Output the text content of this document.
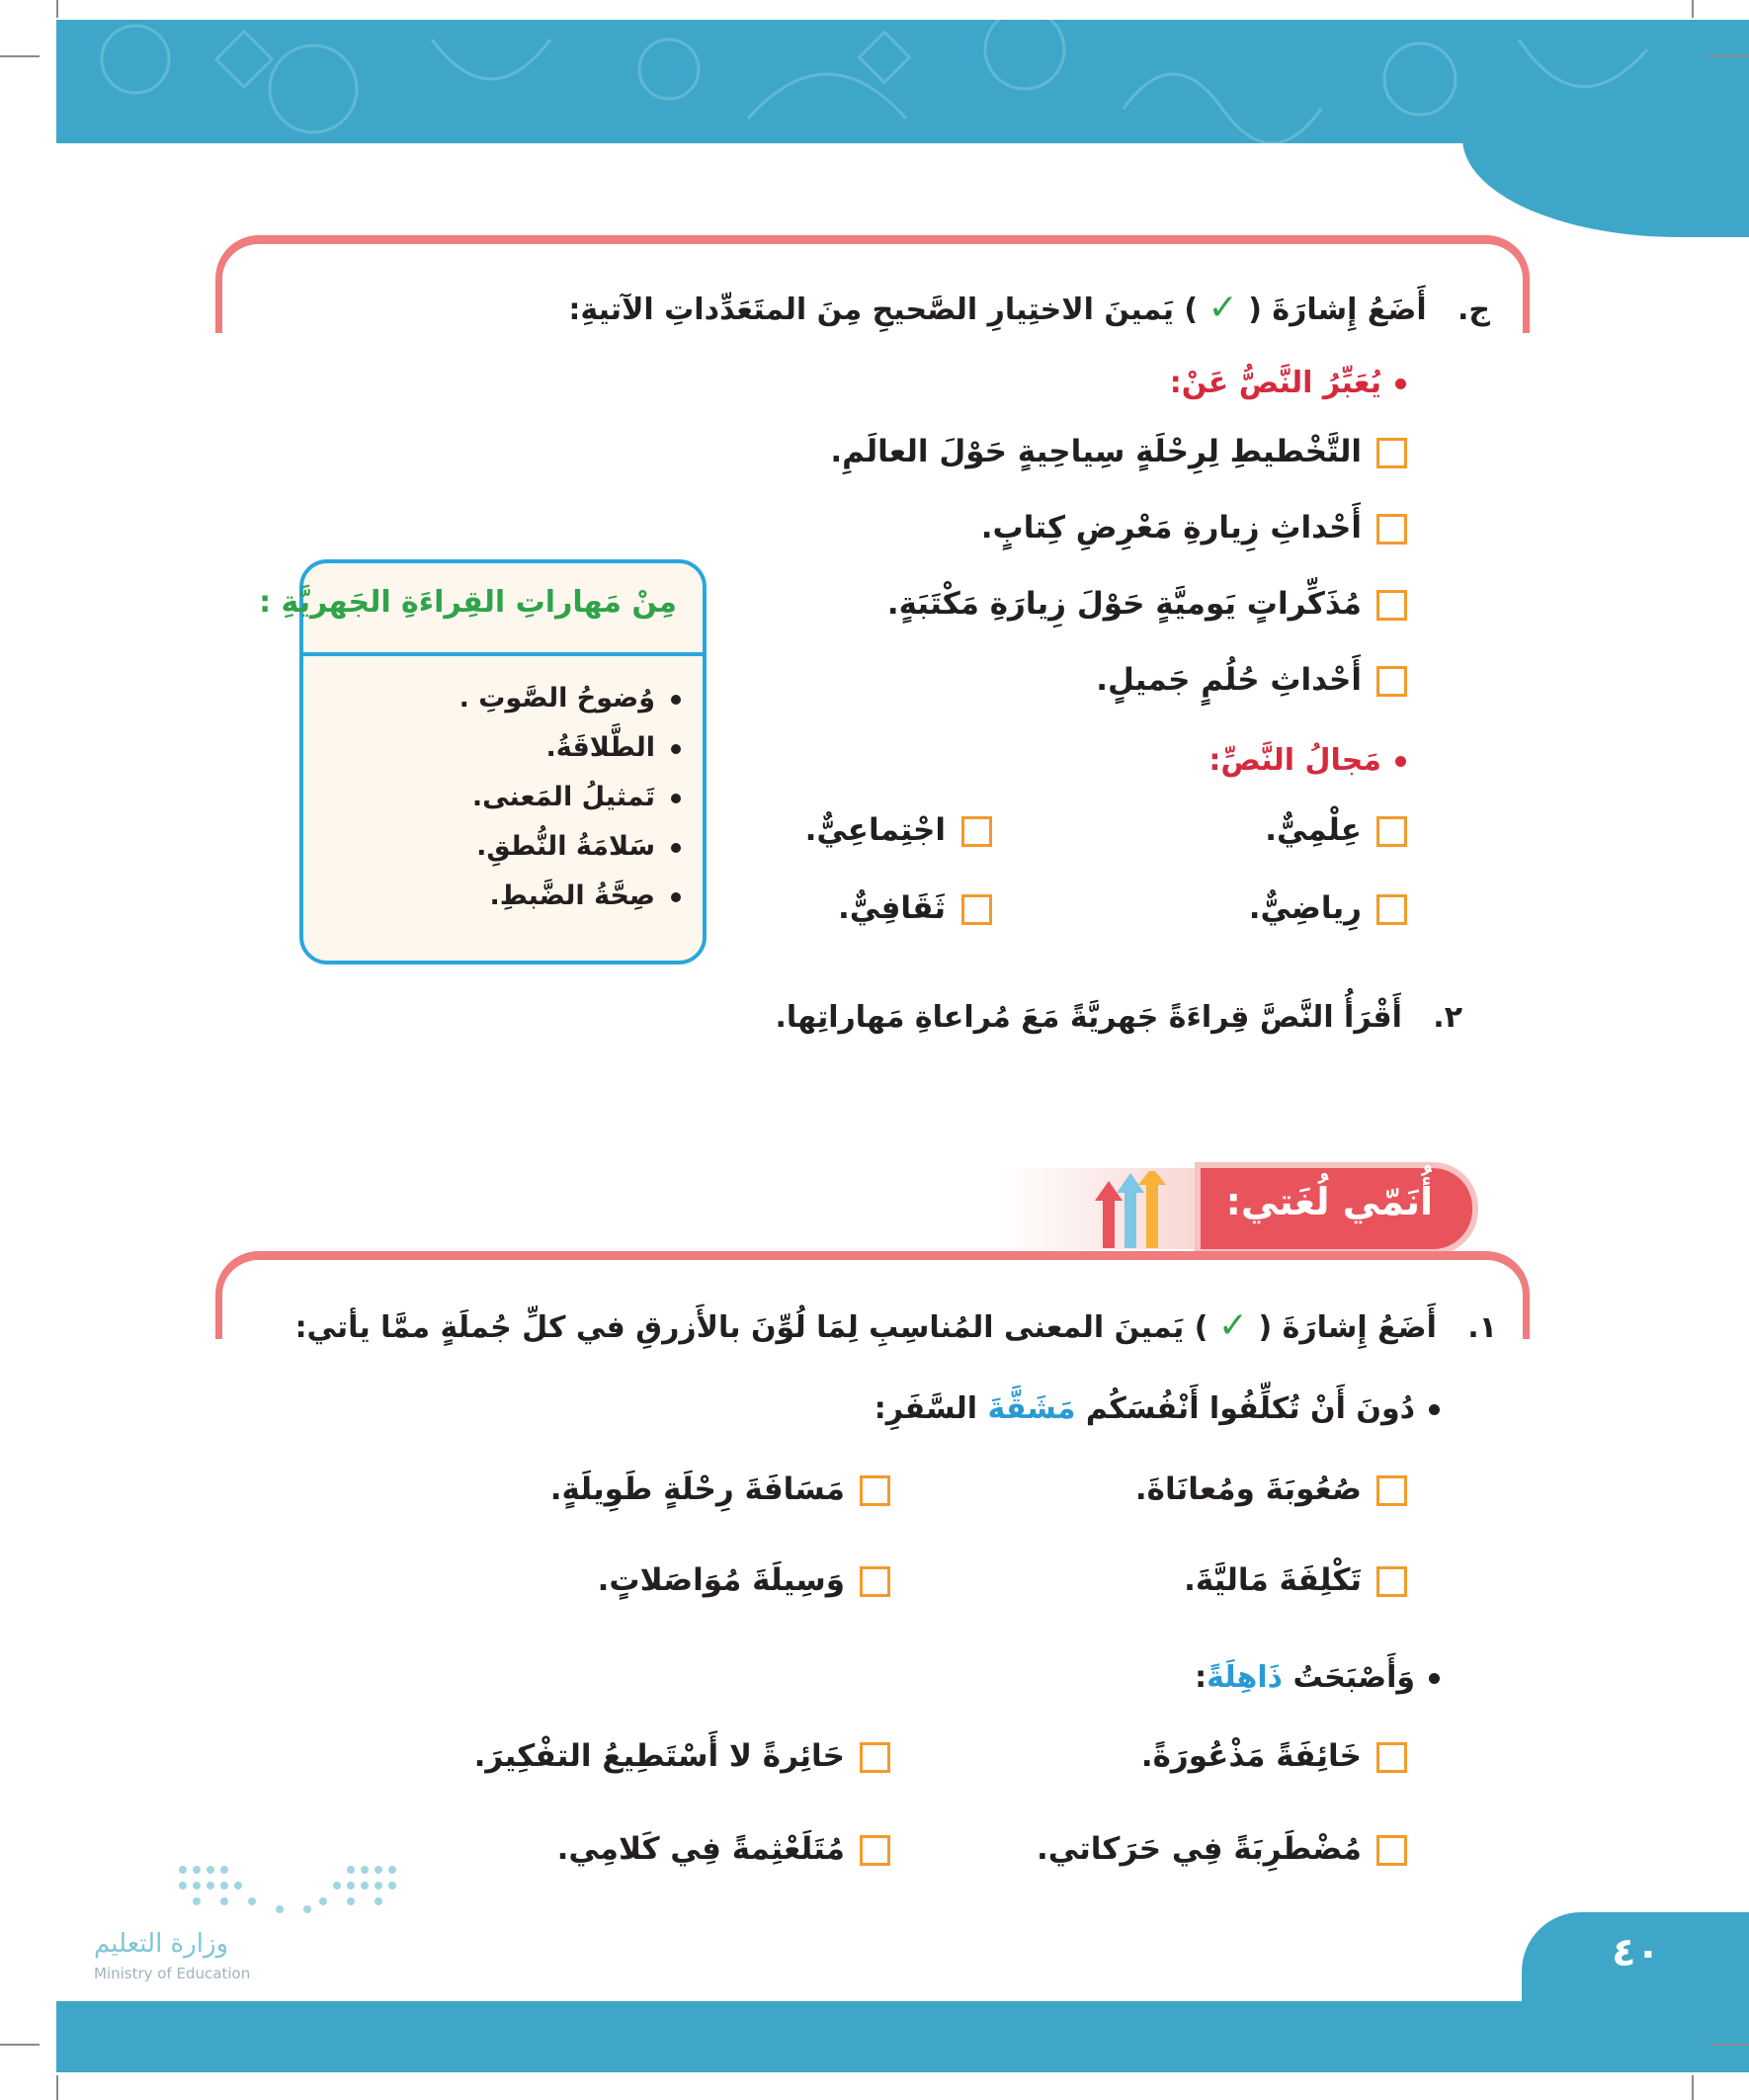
ج.   أَضَعُ إِشارَةَ ( ✓ ) يَمينَ الاختِيارِ الصَّحيحِ مِنَ المتَعَدِّداتِ الآتيةِ:
يُعَبِّرُ النَّصُّ عَنْ:
التَّخْطيطِ لِرِحْلَةٍ سِياحِيةٍ حَوْلَ العالَمِ.
أَحْداثِ زِيارةِ مَعْرِضِ كِتابٍ.
مُذَكِّراتٍ يَوميَّةٍ حَوْلَ زِيارَةِ مَكْتَبَةٍ.
أَحْداثِ حُلُمٍ جَميلٍ.
مَجالُ النَّصِّ:
عِلْمِيٌّ.
اجْتِماعِيٌّ.
رِياضِيٌّ.
ثَقَافِيٌّ.
مِنْ مَهاراتِ القِراءَةِ الجَهريَّةِ :
وُضوحُ الصَّوتِ .
الطَّلاقَةُ.
تَمثيلُ المَعنى.
سَلامَةُ النُّطقِ.
صِحَّةُ الضَّبطِ.
٢.   أَقْرَأُ النَّصَّ قِراءَةً جَهريَّةً مَعَ مُراعاةِ مَهاراتِها.
أُنَمّي لُغَتي:
١.   أَضَعُ إِشارَةَ ( ✓ ) يَمينَ المعنى المُناسِبِ لِمَا لُوِّنَ بالأَزرقِ في كلِّ جُملَةٍ ممَّا يأتي:
دُونَ أَنْ تُكلِّفُوا أَنْفُسَكُم مَشَقَّةَ السَّفَرِ:
صُعُوبَةَ ومُعانَاةَ.
مَسَافَةَ رِحْلَةٍ طَوِيلَةٍ.
تَكْلِفَةَ مَاليَّةَ.
وَسِيلَةَ مُوَاصَلاتٍ.
وَأَصْبَحَتُ ذَاهِلَةً:
خَائِفَةً مَذْعُورَةً.
حَائِرةً لا أَسْتَطِيعُ التفْكِيرَ.
مُضْطَرِبَةً فِي حَرَكاتي.
مُتَلَعْثِمةً فِي كَلامِي.
وزارة التعليم
Ministry of Education	٤٠
